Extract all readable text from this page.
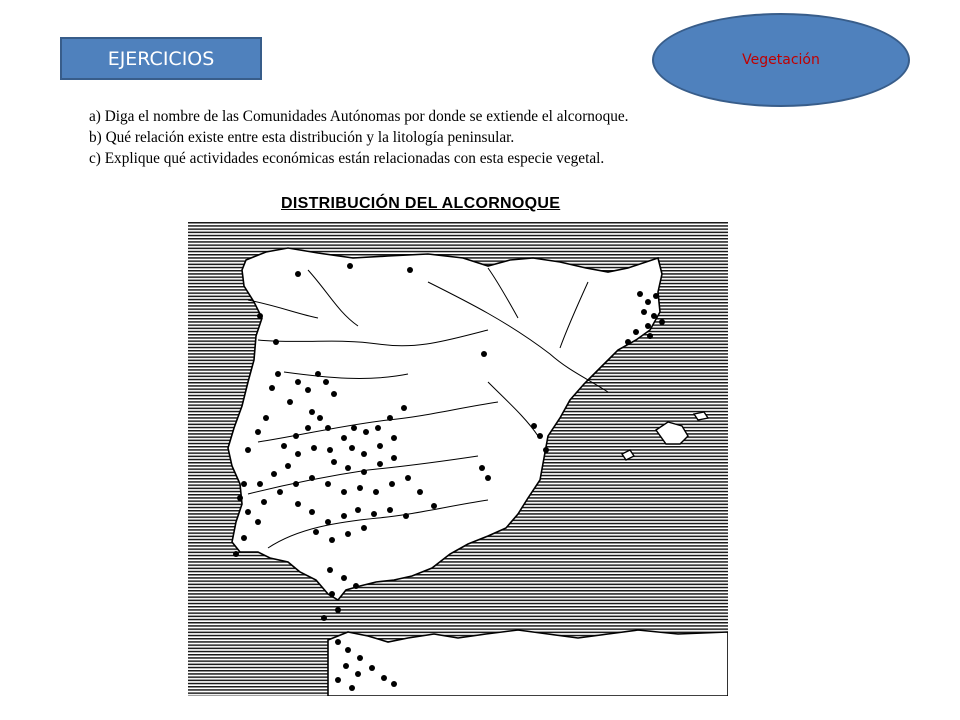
EJERCICIOS	Vegetación
a) Diga el nombre de las Comunidades Autónomas por donde se extiende el alcornoque.
b) Qué relación existe entre esta distribución y la litología peninsular.
c) Explique qué actividades económicas están relacionadas con esta especie vegetal.
DISTRIBUCIÓN DEL ALCORNOQUE
